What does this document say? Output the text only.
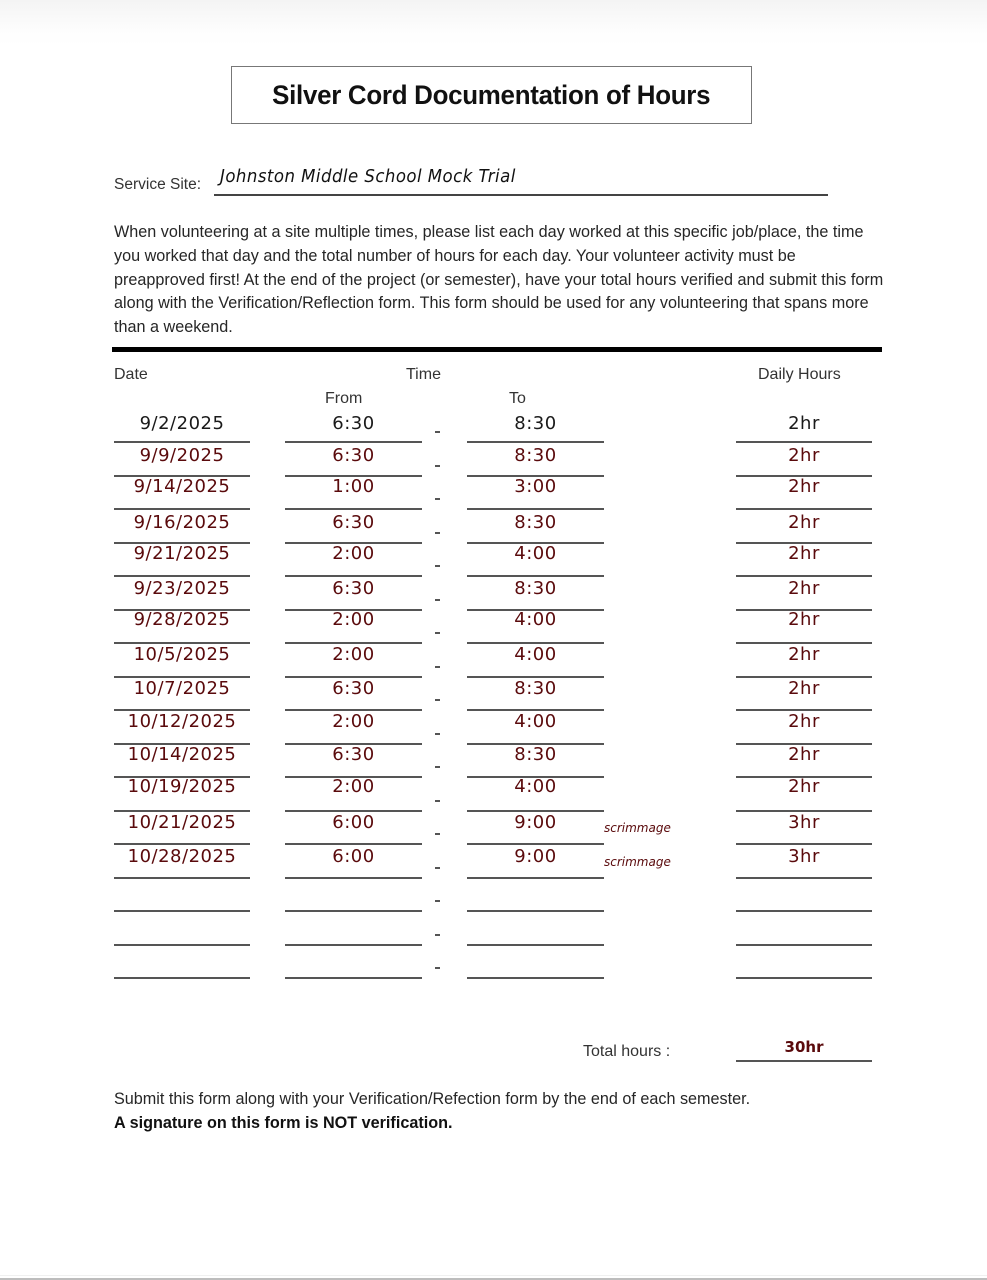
Silver Cord Documentation of Hours
Service Site: Johnston Middle School Mock Trial

When volunteering at a site multiple times, please list each day worked at this specific job/place, the time you worked that day and the total number of hours for each day. Your volunteer activity must be preapproved first! At the end of the project (or semester), have your total hours verified and submit this form along with the Verification/Reflection form. This form should be used for any volunteering that spans more than a weekend.

Date	Time	Daily Hours
From	To
9/2/2025	6:30	8:30	2hr
9/9/2025	6:30	8:30	2hr
9/14/2025	1:00	3:00	2hr
9/16/2025	6:30	8:30	2hr
9/21/2025	2:00	4:00	2hr
9/23/2025	6:30	8:30	2hr
9/28/2025	2:00	4:00	2hr
10/5/2025	2:00	4:00	2hr
10/7/2025	6:30	8:30	2hr
10/12/2025	2:00	4:00	2hr
10/14/2025	6:30	8:30	2hr
10/19/2025	2:00	4:00	2hr
10/21/2025	6:00	9:00	scrimmage	3hr
10/28/2025	6:00	9:00	scrimmage	3hr
Total hours :	30hr

Submit this form along with your Verification/Refection form by the end of each semester.

A signature on this form is NOT verification.
